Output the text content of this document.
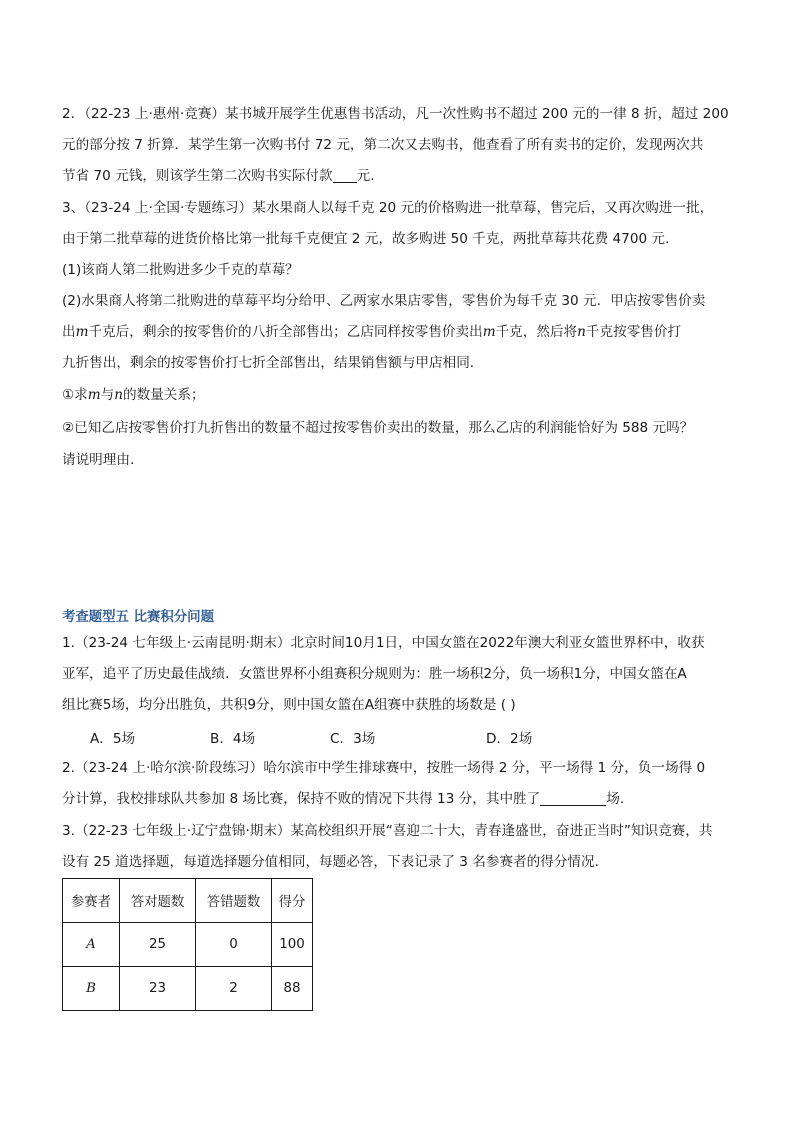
2．（22-23 上·惠州·竞赛）某书城开展学生优惠售书活动，凡一次性购书不超过 200 元的一律 8 折，超过 200
元的部分按 7 折算．某学生第一次购书付 72 元，第二次又去购书，他查看了所有卖书的定价，发现两次共
节省 70 元钱，则该学生第二次购书实际付款 元.
3、（23-24 上·全国·专题练习）某水果商人以每千克 20 元的价格购进一批草莓，售完后，又再次购进一批，
由于第二批草莓的进货价格比第一批每千克便宜 2 元，故多购进 50 千克，两批草莓共花费 4700 元.
(1)该商人第二批购进多少千克的草莓？
(2)水果商人将第二批购进的草莓平均分给甲、乙两家水果店零售，零售价为每千克 30 元．甲店按零售价卖
出m千克后，剩余的按零售价的八折全部售出；乙店同样按零售价卖出m千克，然后将n千克按零售价打
九折售出，剩余的按零售价打七折全部售出，结果销售额与甲店相同.
①求m与n的数量关系；
②已知乙店按零售价打九折售出的数量不超过按零售价卖出的数量，那么乙店的利润能恰好为 588 元吗？
请说明理由.
考查题型五 比赛积分问题
1.（23-24 七年级上·云南昆明·期末）北京时间10月1日，中国女篮在2022年澳大利亚女篮世界杯中，收获
亚军，追平了历史最佳战绩．女篮世界杯小组赛积分规则为：胜一场积2分，负一场积1分，中国女篮在A
组比赛5场，均分出胜负，共积9分，则中国女篮在A组赛中获胜的场数是 ( )
A．5场	B．4场	C．3场	D．2场
2.（23-24 上·哈尔滨·阶段练习）哈尔滨市中学生排球赛中，按胜一场得 2 分，平一场得 1 分，负一场得 0
分计算，我校排球队共参加 8 场比赛，保持不败的情况下共得 13 分，其中胜了	场.
3.（22-23 七年级上·辽宁盘锦·期末）某高校组织开展“喜迎二十大，青春逢盛世，奋进正当时”知识竞赛，共
设有 25 道选择题，每道选择题分值相同，每题必答，下表记录了 3 名参赛者的得分情况.
参赛者	答对题数	答错题数	得分
A	25	0	100
B	23	2	88
